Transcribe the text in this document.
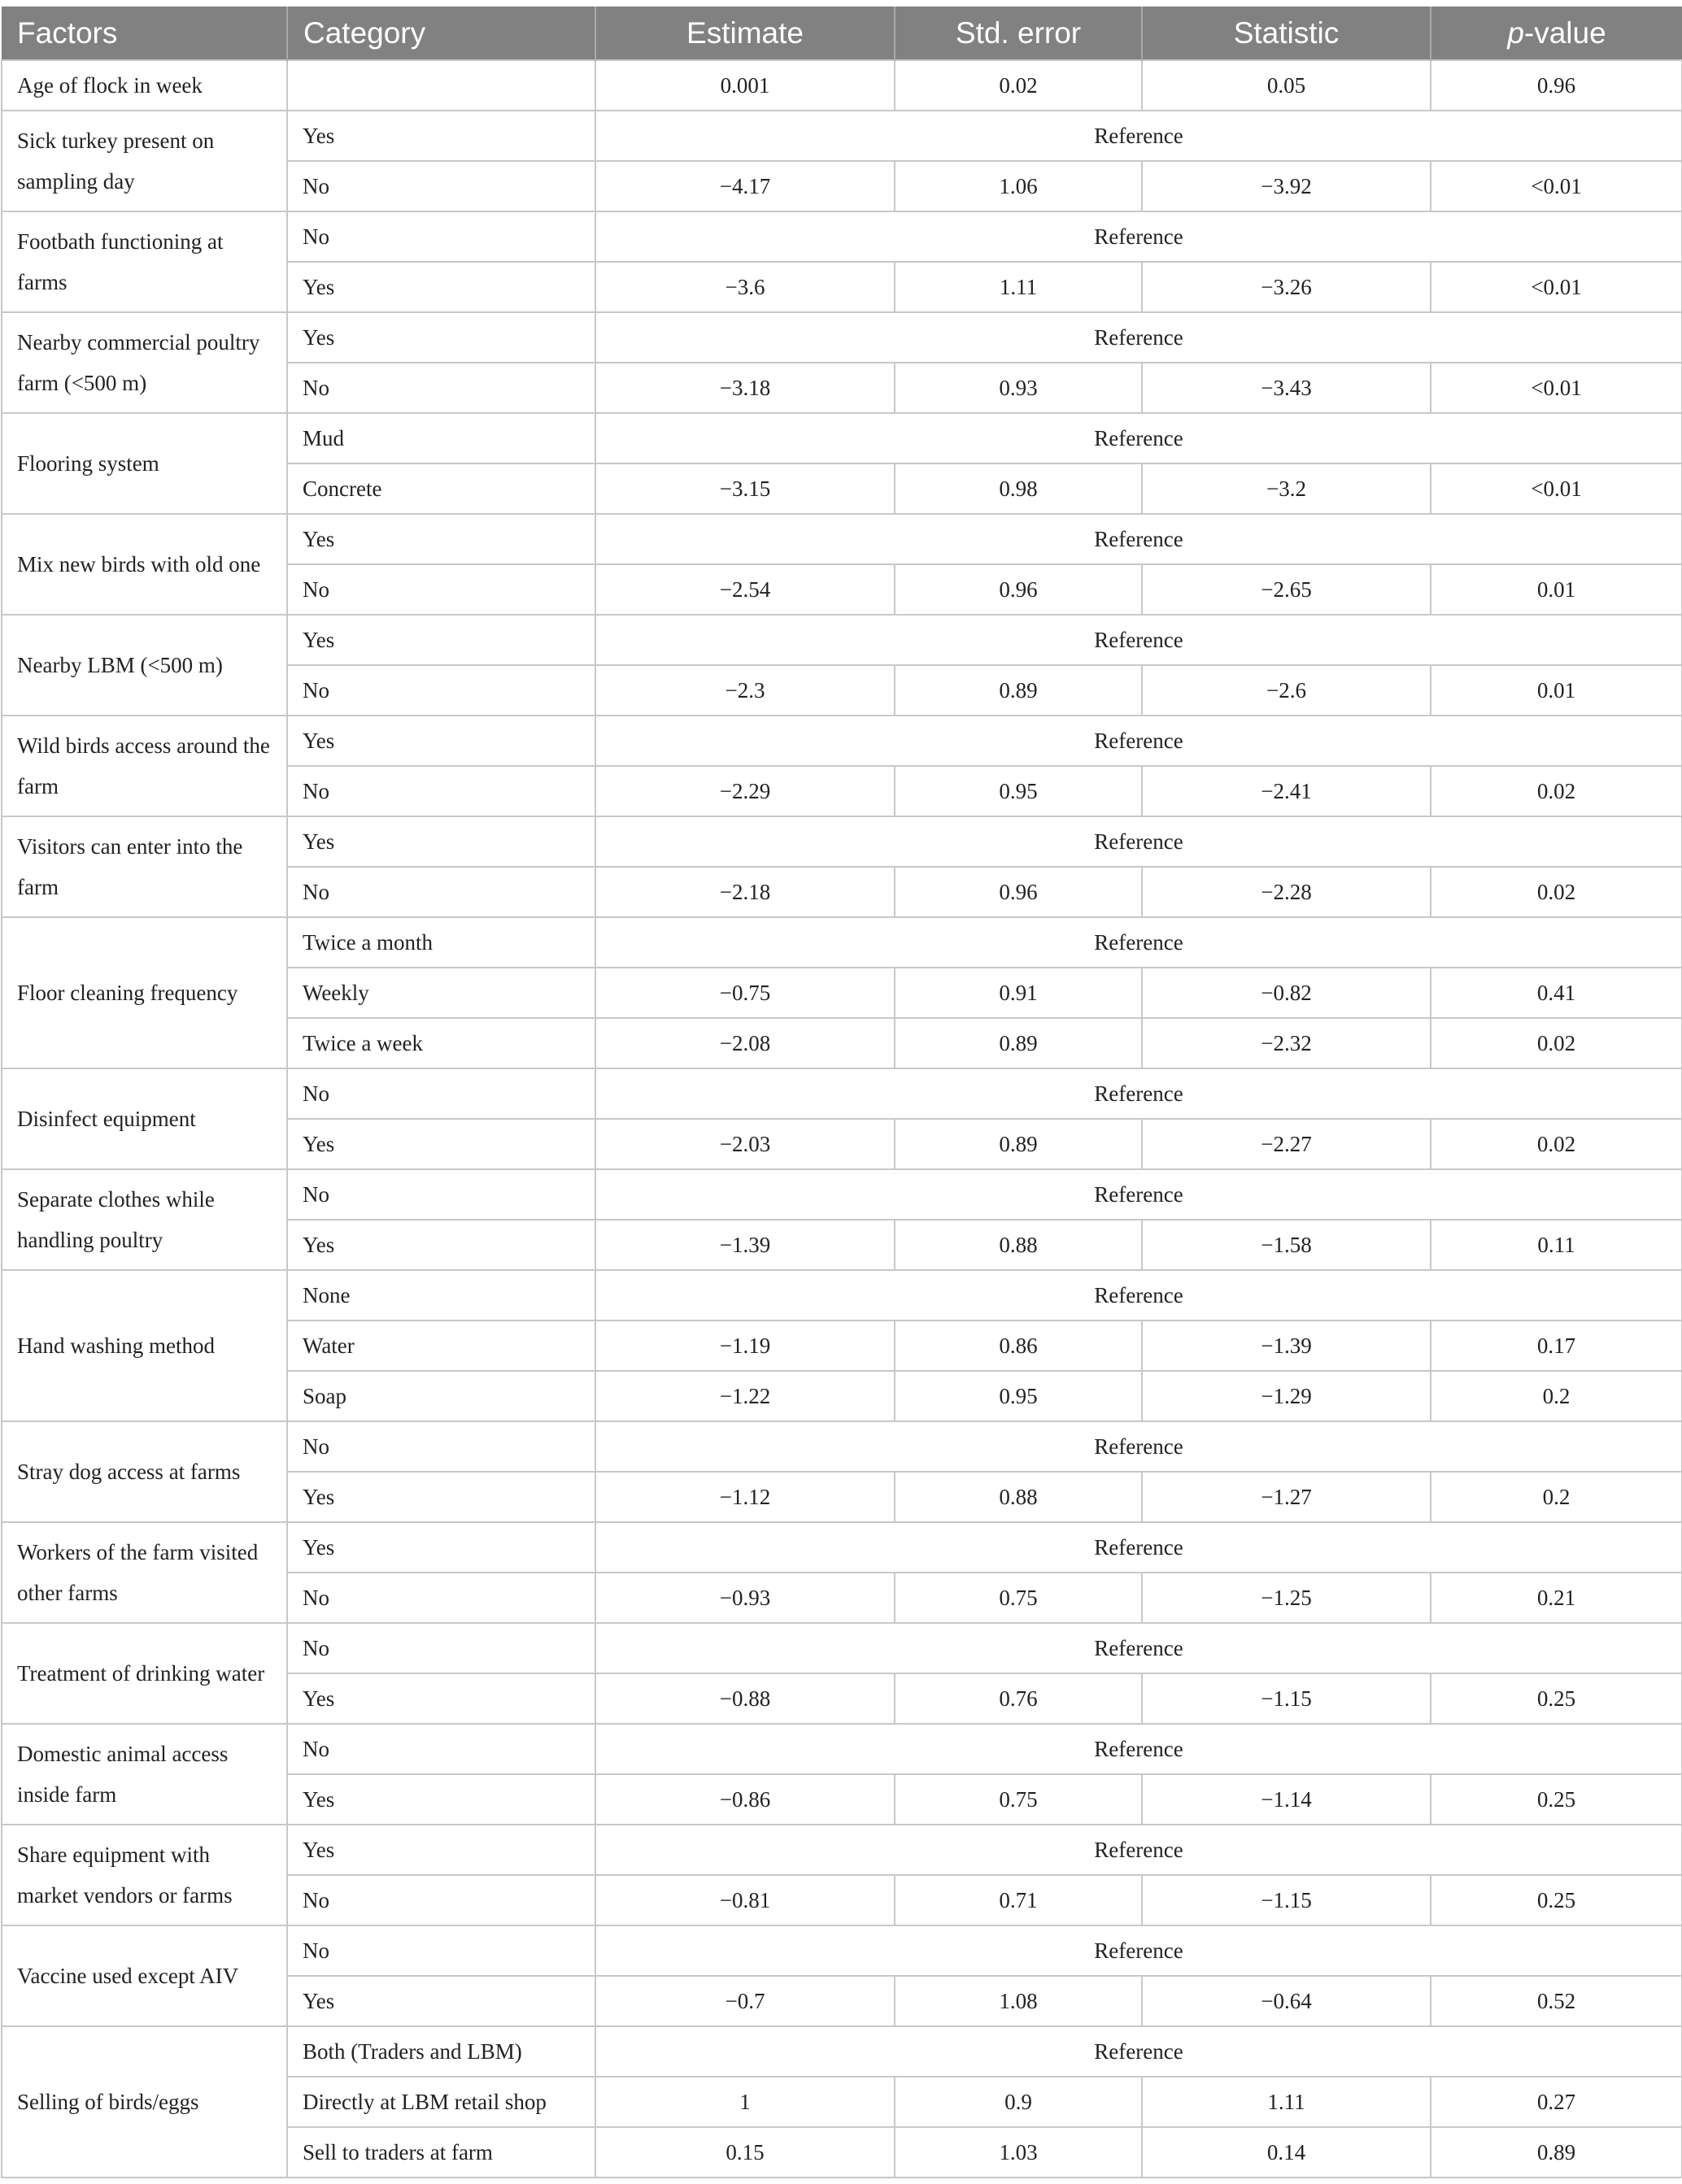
Factors	Category	Estimate	Std. error	Statistic	p-value
Age of flock in week		0.001	0.02	0.05	0.96
Sick turkey present on sampling day	Yes	Reference			
	No	−4.17	1.06	−3.92	<0.01
Footbath functioning at farms	No	Reference			
	Yes	−3.6	1.11	−3.26	<0.01
Nearby commercial poultry farm (<500 m)	Yes	Reference			
	No	−3.18	0.93	−3.43	<0.01
Flooring system	Mud	Reference			
	Concrete	−3.15	0.98	−3.2	<0.01
Mix new birds with old one	Yes	Reference			
	No	−2.54	0.96	−2.65	0.01
Nearby LBM (<500 m)	Yes	Reference			
	No	−2.3	0.89	−2.6	0.01
Wild birds access around the farm	Yes	Reference			
	No	−2.29	0.95	−2.41	0.02
Visitors can enter into the farm	Yes	Reference			
	No	−2.18	0.96	−2.28	0.02
Floor cleaning frequency	Twice a month	Reference			
	Weekly	−0.75	0.91	−0.82	0.41
	Twice a week	−2.08	0.89	−2.32	0.02
Disinfect equipment	No	Reference			
	Yes	−2.03	0.89	−2.27	0.02
Separate clothes while handling poultry	No	Reference			
	Yes	−1.39	0.88	−1.58	0.11
Hand washing method	None	Reference			
	Water	−1.19	0.86	−1.39	0.17
	Soap	−1.22	0.95	−1.29	0.2
Stray dog access at farms	No	Reference			
	Yes	−1.12	0.88	−1.27	0.2
Workers of the farm visited other farms	Yes	Reference			
	No	−0.93	0.75	−1.25	0.21
Treatment of drinking water	No	Reference			
	Yes	−0.88	0.76	−1.15	0.25
Domestic animal access inside farm	No	Reference			
	Yes	−0.86	0.75	−1.14	0.25
Share equipment with market vendors or farms	Yes	Reference			
	No	−0.81	0.71	−1.15	0.25
Vaccine used except AIV	No	Reference			
	Yes	−0.7	1.08	−0.64	0.52
Selling of birds/eggs	Both (Traders and LBM)	Reference			
	Directly at LBM retail shop	1	0.9	1.11	0.27
	Sell to traders at farm	0.15	1.03	0.14	0.89
